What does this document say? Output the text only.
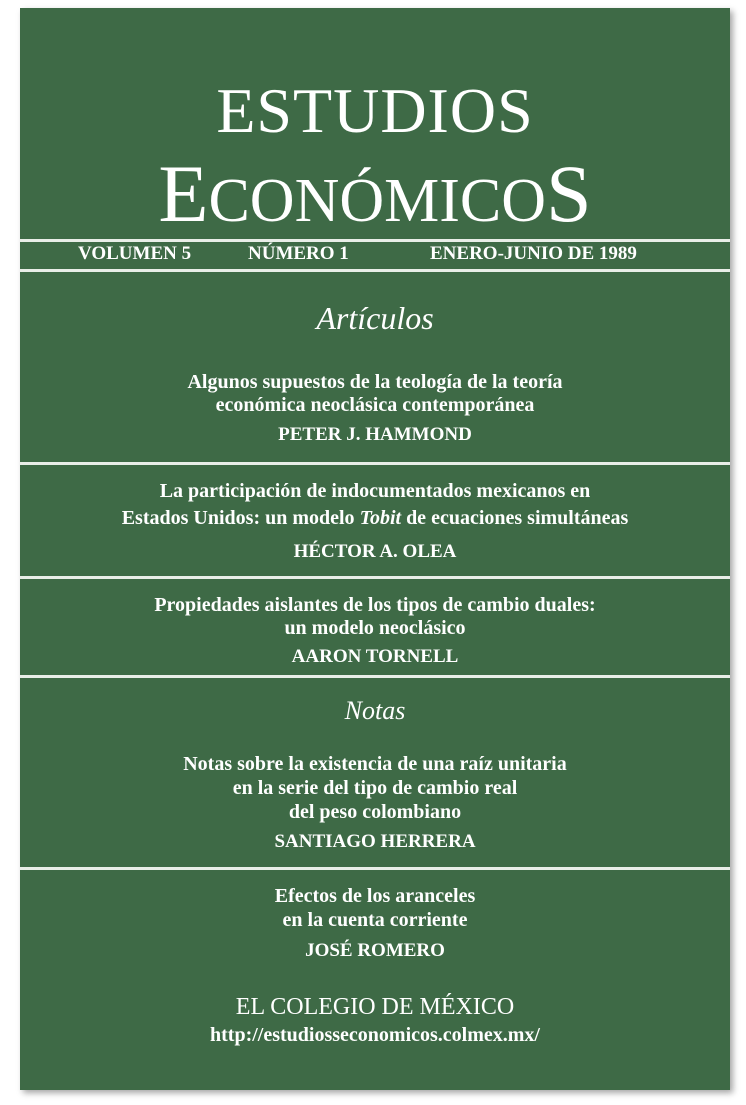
ESTUDIOS
ECONÓMICOS
VOLUMEN 5	NÚMERO 1	ENERO-JUNIO DE 1989
Artículos
Algunos supuestos de la teología de la teoría
económica neoclásica contemporánea
PETER J. HAMMOND
La participación de indocumentados mexicanos en
Estados Unidos: un modelo Tobit de ecuaciones simultáneas
HÉCTOR A. OLEA
Propiedades aislantes de los tipos de cambio duales:
un modelo neoclásico
AARON TORNELL
Notas
Notas sobre la existencia de una raíz unitaria
en la serie del tipo de cambio real
del peso colombiano
SANTIAGO HERRERA
Efectos de los aranceles
en la cuenta corriente
JOSÉ ROMERO
EL COLEGIO DE MÉXICO
http://estudiosseconomicos.colmex.mx/
